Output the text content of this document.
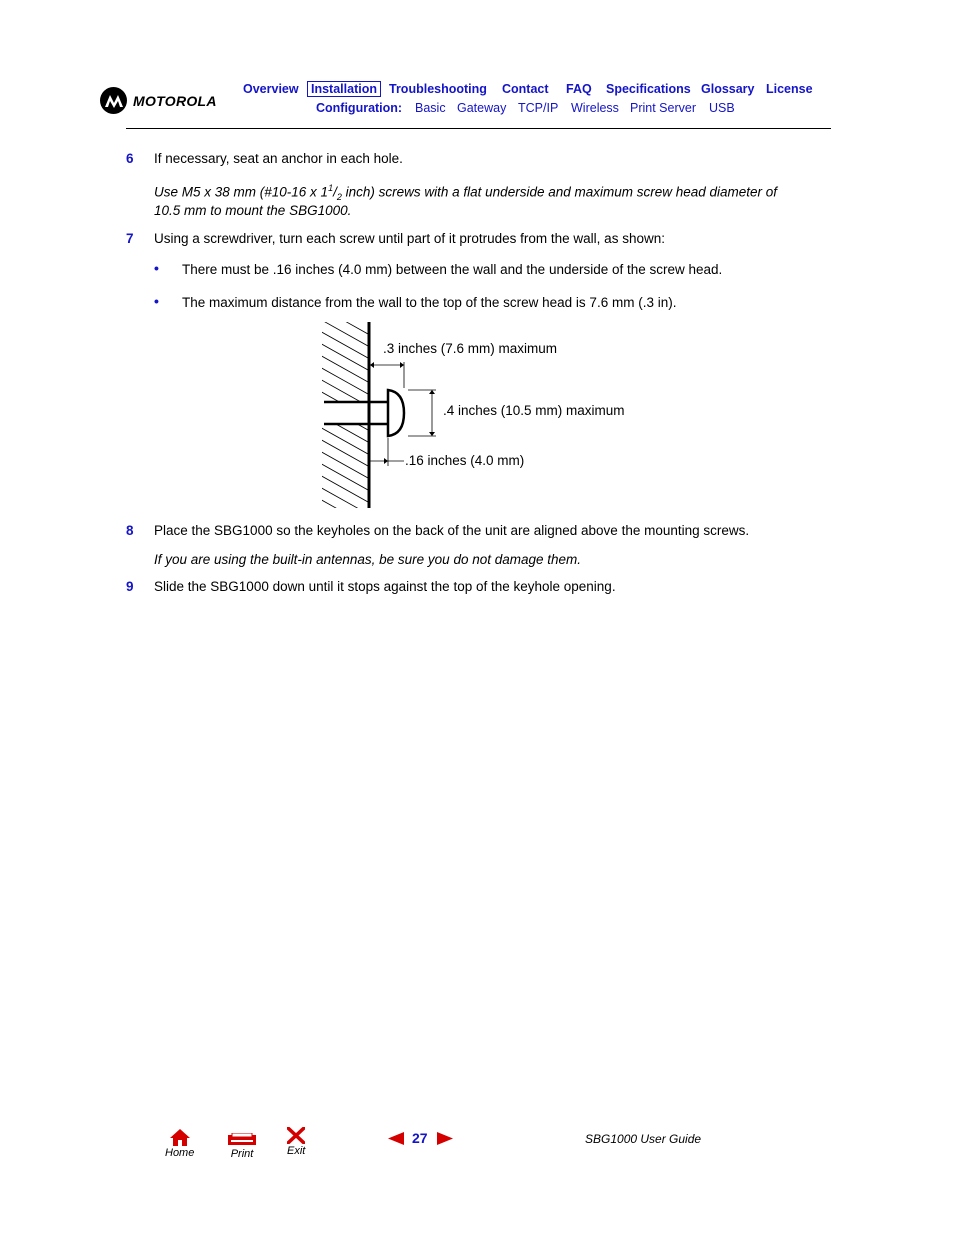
MOTOROLA
Overview Installation Troubleshooting Contact FAQ Specifications Glossary License
Configuration: Basic Gateway TCP/IP Wireless Print Server USB
6 If necessary, seat an anchor in each hole.
Use M5 x 38 mm (#10-16 x $1^1/_2$ inch) screws with a flat underside and maximum screw head diameter of
10.5 mm to mount the SBG1000.
7 Using a screwdriver, turn each screw until part of it protrudes from the wall, as shown:
• There must be .16 inches (4.0 mm) between the wall and the underside of the screw head.
• The maximum distance from the wall to the top of the screw head is 7.6 mm (.3 in).
.3 inches (7.6 mm) maximum
.4 inches (10.5 mm) maximum
.16 inches (4.0 mm)
8 Place the SBG1000 so the keyholes on the back of the unit are aligned above the mounting screws.
If you are using the built-in antennas, be sure you do not damage them.
9 Slide the SBG1000 down until it stops against the top of the keyhole opening.
Home	Print	Exit
27	SBG1000 User Guide
